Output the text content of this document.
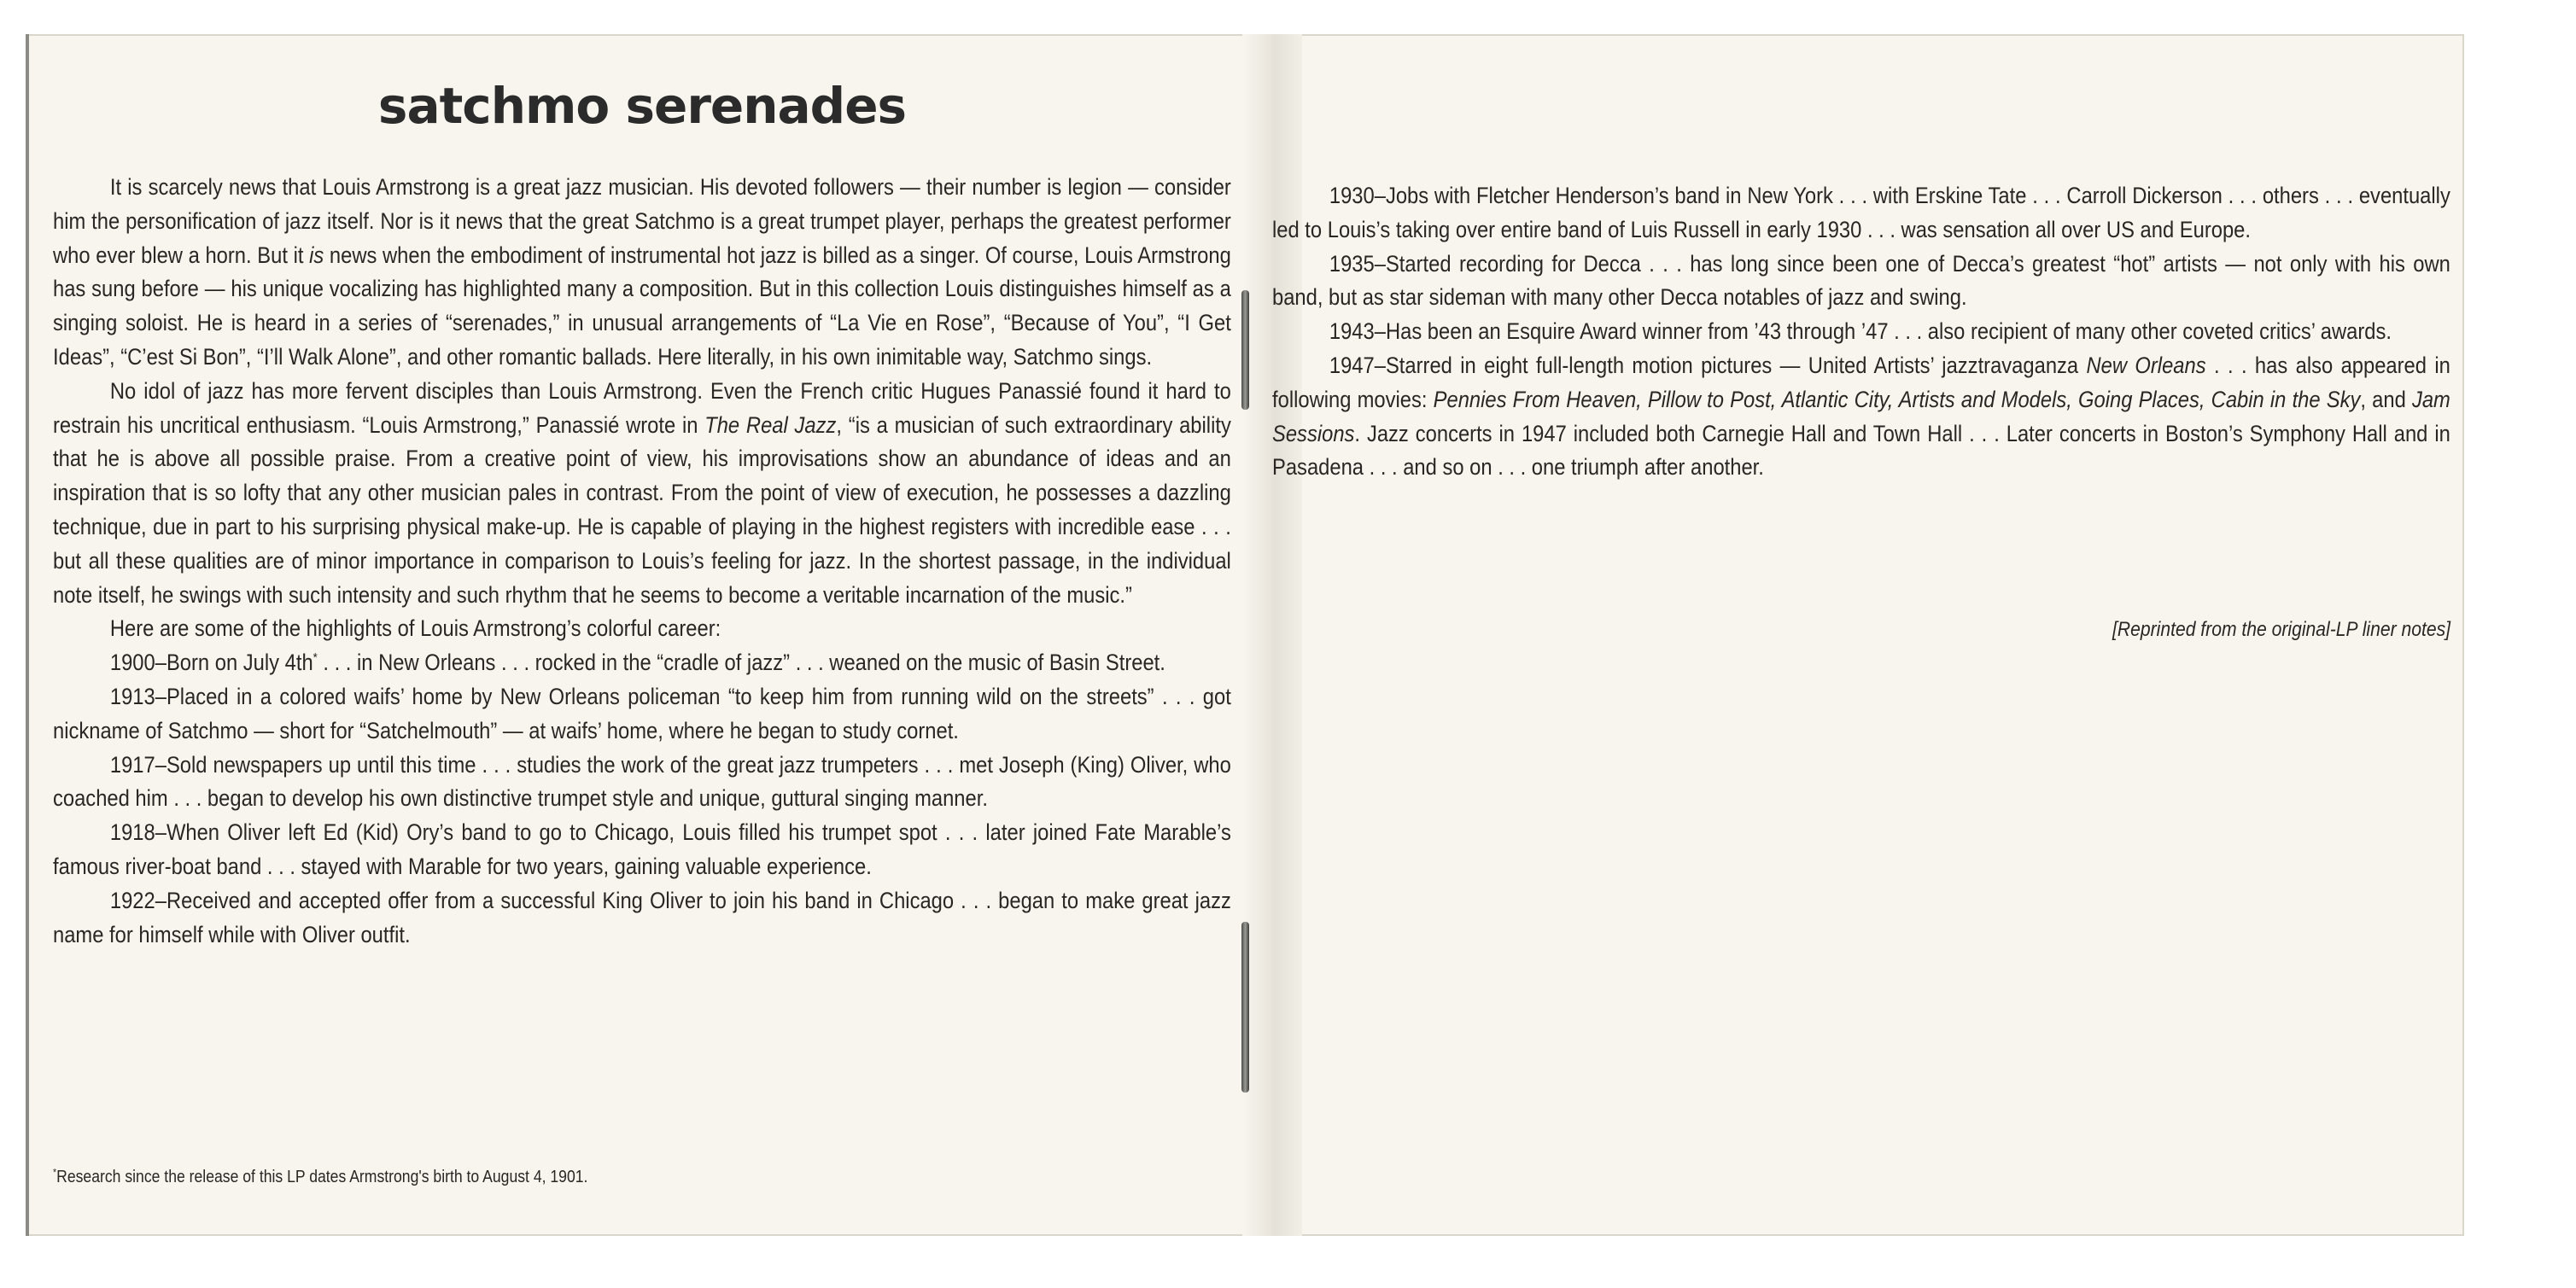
satchmo serenades

It is scarcely news that Louis Armstrong is a great jazz musician. His devoted followers — their number is legion — consider him the personification of jazz itself. Nor is it news that the great Satchmo is a great trumpet player, perhaps the greatest performer who ever blew a horn. But it is news when the embodiment of instrumental hot jazz is billed as a singer. Of course, Louis Armstrong has sung before — his unique vocalizing has highlighted many a composition. But in this collection Louis distinguishes himself as a singing soloist. He is heard in a series of “serenades,” in unusual arrangements of “La Vie en Rose”, “Because of You”, “I Get Ideas”, “C’est Si Bon”, “I’ll Walk Alone”, and other romantic ballads. Here literally, in his own inimitable way, Satchmo sings.

No idol of jazz has more fervent disciples than Louis Armstrong. Even the French critic Hugues Panassié found it hard to restrain his uncritical enthusiasm. “Louis Armstrong,” Panassié wrote in The Real Jazz, “is a musician of such extraordinary ability that he is above all possible praise. From a creative point of view, his improvisations show an abundance of ideas and an inspiration that is so lofty that any other musician pales in contrast. From the point of view of execution, he possesses a dazzling technique, due in part to his surprising physical make-up. He is capable of playing in the highest registers with incredible ease . . . but all these qualities are of minor importance in comparison to Louis’s feeling for jazz. In the shortest passage, in the individual note itself, he swings with such intensity and such rhythm that he seems to become a veritable incarnation of the music.”

Here are some of the highlights of Louis Armstrong’s colorful career:

1900–Born on July 4th* . . . in New Orleans . . . rocked in the “cradle of jazz” . . . weaned on the music of Basin Street.

1913–Placed in a colored waifs’ home by New Orleans policeman “to keep him from running wild on the streets” . . . got nickname of Satchmo — short for “Satchelmouth” — at waifs’ home, where he began to study cornet.

1917–Sold newspapers up until this time . . . studies the work of the great jazz trumpeters . . . met Joseph (King) Oliver, who coached him . . . began to develop his own distinctive trumpet style and unique, guttural singing manner.

1918–When Oliver left Ed (Kid) Ory’s band to go to Chicago, Louis filled his trumpet spot . . . later joined Fate Marable’s famous river-boat band . . . stayed with Marable for two years, gaining valuable experience.

1922–Received and accepted offer from a successful King Oliver to join his band in Chicago . . . began to make great jazz name for himself while with Oliver outfit.

*Research since the release of this LP dates Armstrong's birth to August 4, 1901.

1930–Jobs with Fletcher Henderson’s band in New York . . . with Erskine Tate . . . Carroll Dickerson . . . others . . . eventually led to Louis’s taking over entire band of Luis Russell in early 1930 . . . was sensation all over US and Europe.

1935–Started recording for Decca . . . has long since been one of Decca’s greatest “hot” artists — not only with his own band, but as star sideman with many other Decca notables of jazz and swing.

1943–Has been an Esquire Award winner from ’43 through ’47 . . . also recipient of many other coveted critics’ awards.

1947–Starred in eight full-length motion pictures — United Artists’ jazztravaganza New Orleans . . . has also appeared in following movies: Pennies From Heaven, Pillow to Post, Atlantic City, Artists and Models, Going Places, Cabin in the Sky, and Jam Sessions. Jazz concerts in 1947 included both Carnegie Hall and Town Hall . . . Later concerts in Boston’s Symphony Hall and in Pasadena . . . and so on . . . one triumph after another.

[Reprinted from the original-LP liner notes]
